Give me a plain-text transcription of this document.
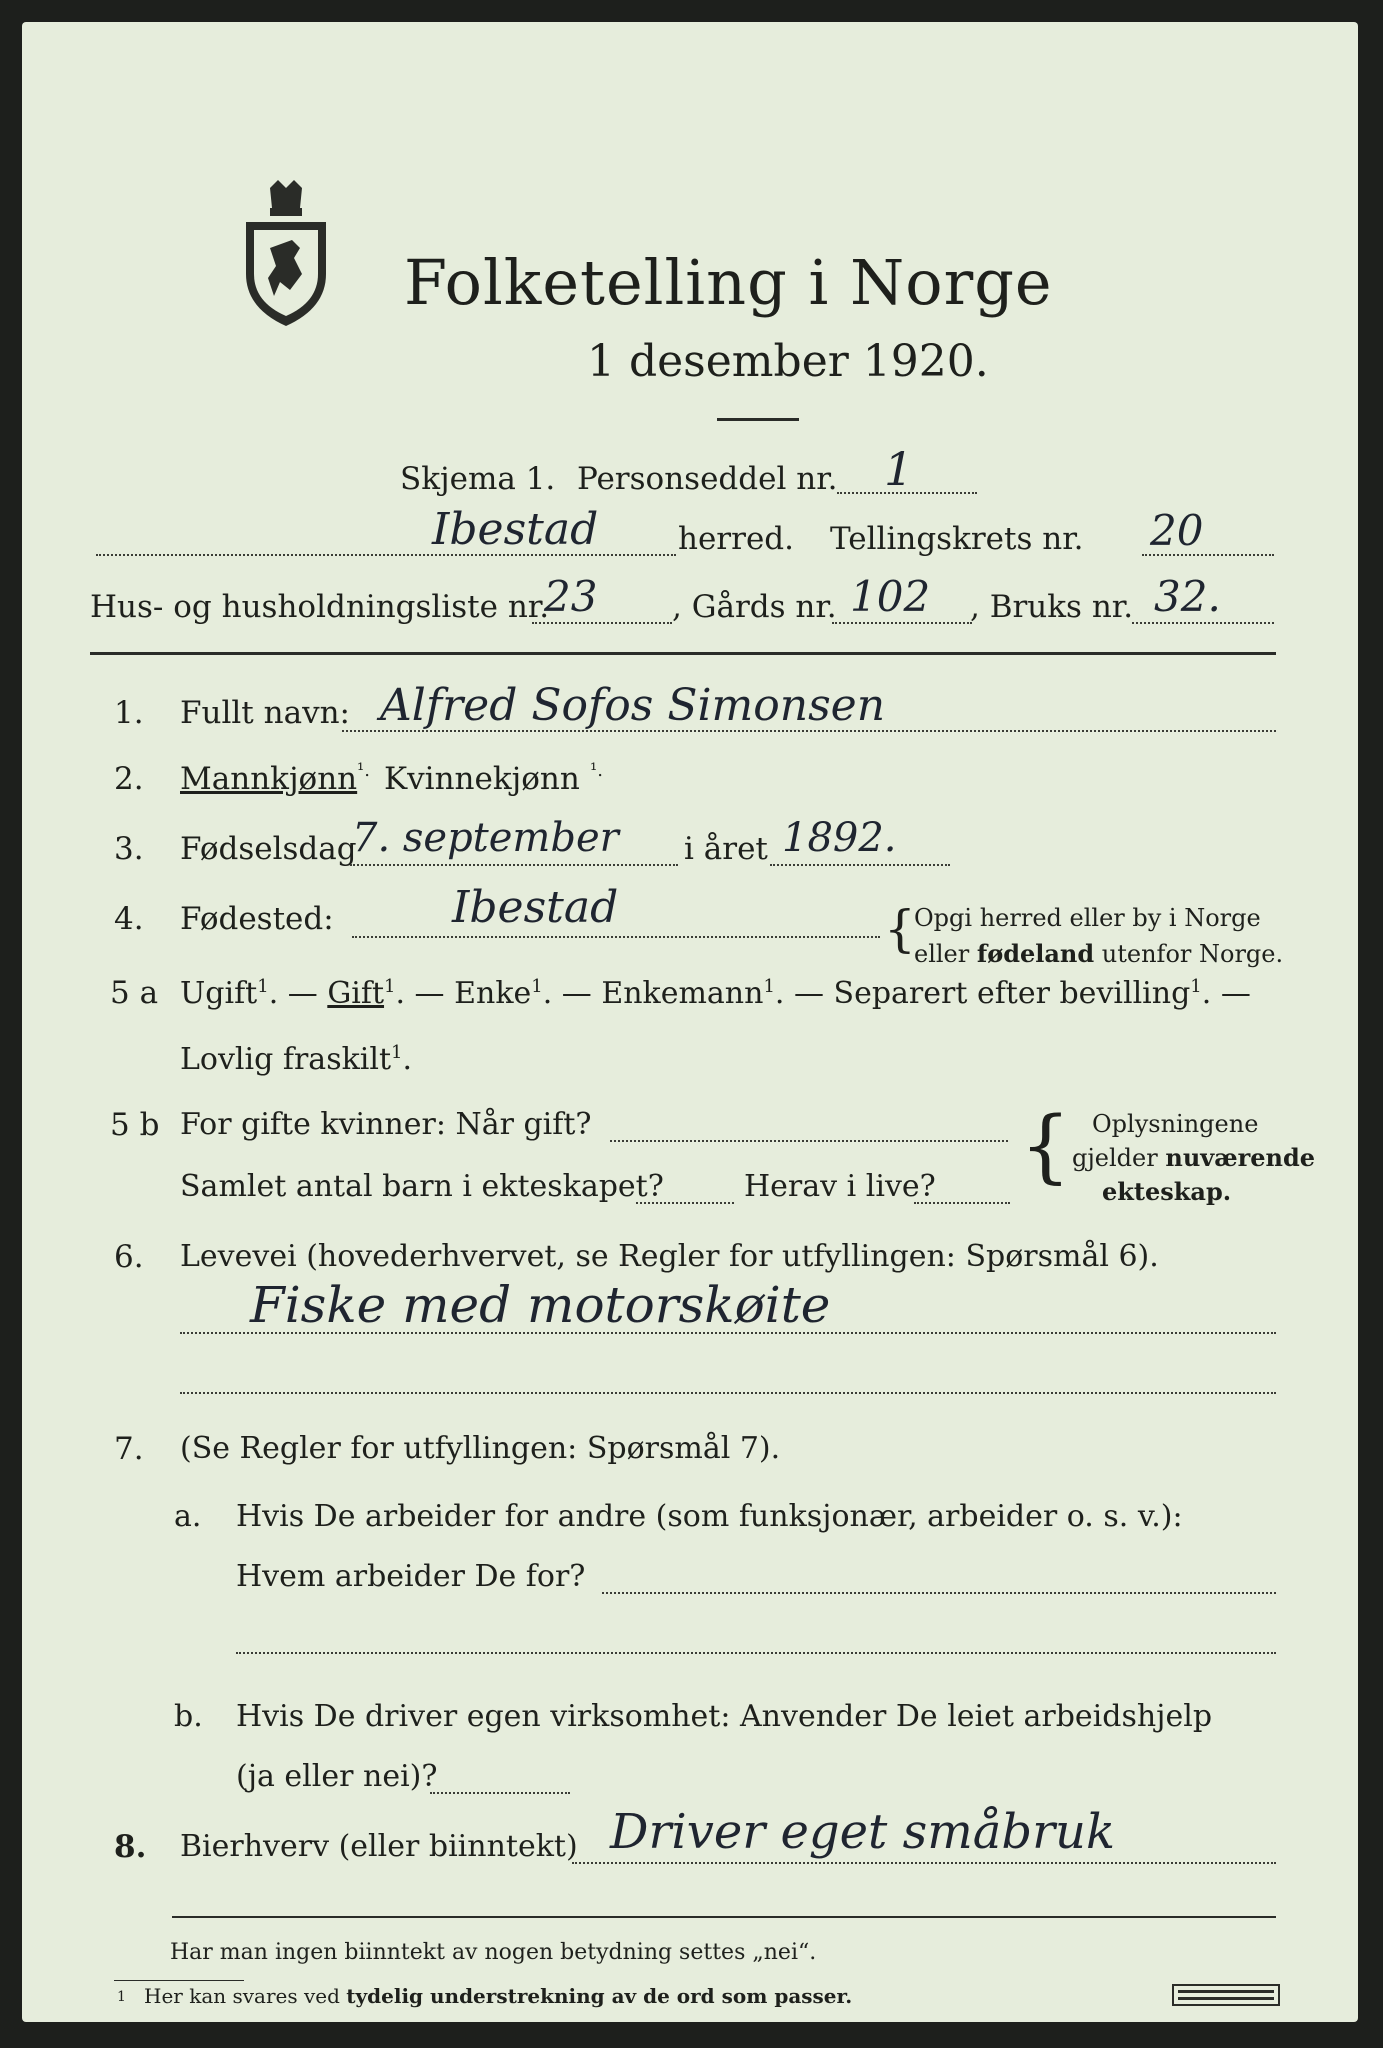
Folketelling i Norge
1 desember 1920.
Skjema 1. Personseddel nr. 1
Ibestad	herred. Tellingskrets nr. 20
Hus- og husholdningsliste nr.
23 , Gårds nr. 102 , Bruks nr. 32.
1. Fullt navn: Alfred Sofos Simonsen
2. Mannkjønn ¹. Kvinnekjønn ¹.
3. Fødselsdag
7. september i året 1892.
4. Fødested:	Ibestad	{
Opgi herred eller by i Norge
eller fødeland utenfor Norge.
5 a Ugift$^1$. — Gift$^1$. — Enke$^1$. — Enkemann$^1$. — Separert efter bevilling$^1$. —
Lovlig fraskilt$^1$.
5 b For gifte kvinner: Når gift?
Samlet antal barn i ekteskapet?	Herav i live? { Oplysningene
gjelder nuværende
ekteskap.
6. Levevei (hovederhvervet, se Regler for utfyllingen: Spørsmål 6).
Fiske med motorskøite
7. (Se Regler for utfyllingen: Spørsmål 7).
a. Hvis De arbeider for andre (som funksjonær, arbeider o. s. v.):
Hvem arbeider De for?
b. Hvis De driver egen virksomhet: Anvender De leiet arbeidshjelp
(ja eller nei)?
8. Bierhverv (eller biinntekt) Driver eget småbruk
Har man ingen biinntekt av nogen betydning settes „nei“.
1 Her kan svares ved tydelig understrekning av de ord som passer.
